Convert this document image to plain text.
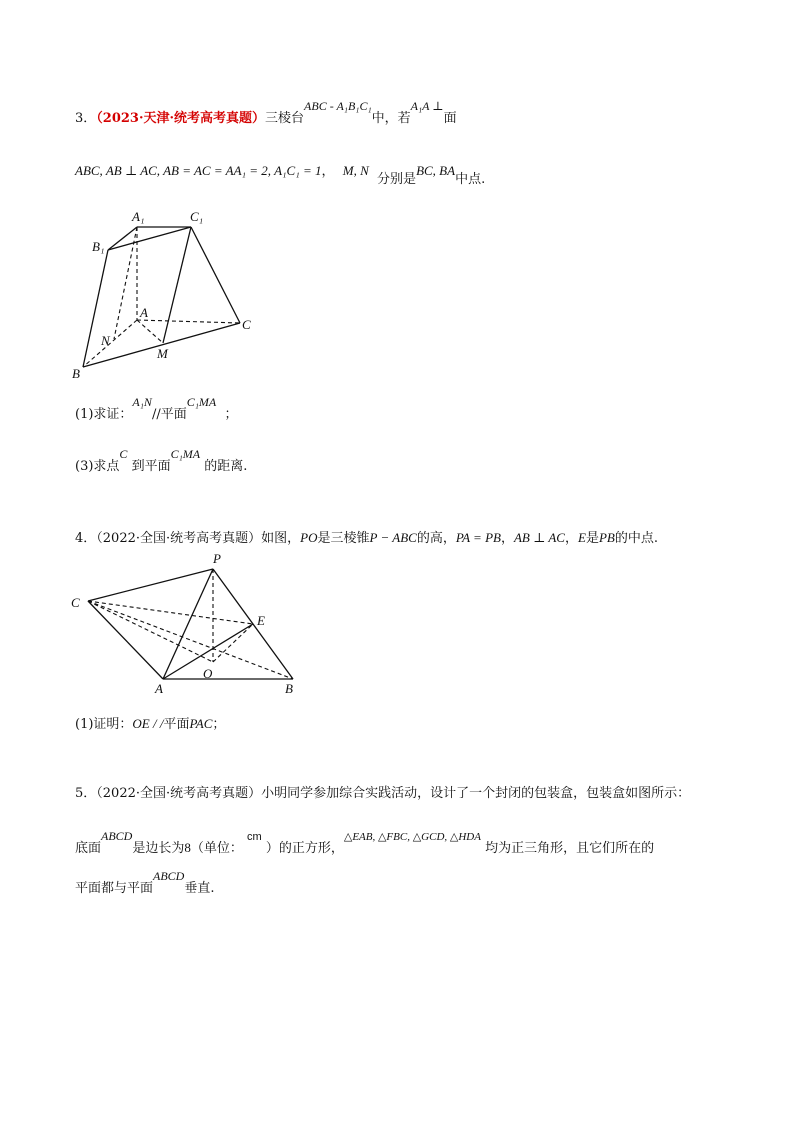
3．（2023·天津·统考高考真题）三棱台ABC - A₁B₁C₁中，若A₁A ⊥面
ABC, AB ⊥ AC, AB = AC = AA₁ = 2, A₁C₁ = 1， M, N  分别是BC, BA中点.
A₁	C₁
B₁
A
C
N
M
B
(1)求证：A₁N//平面C₁MA  ；
(3)求点C 到平面C₁MA 的距离.
4．（2022·全国·统考高考真题）如图，PO是三棱锥P − ABC的高，PA = PB，AB ⊥ AC，E是PB的中点.
P
C
E
O
A	B
(1)证明：OE / /平面PAC；
5．（2022·全国·统考高考真题）小明同学参加综合实践活动，设计了一个封闭的包装盒，包装盒如图所示：
底面ABCD是边长为8（单位： $^{cm}$ ）的正方形，$^{\triangle EAB, \triangle FBC, \triangle GCD, \triangle HDA}$ 均为正三角形，且它们所在的
平面都与平面ABCD垂直.
